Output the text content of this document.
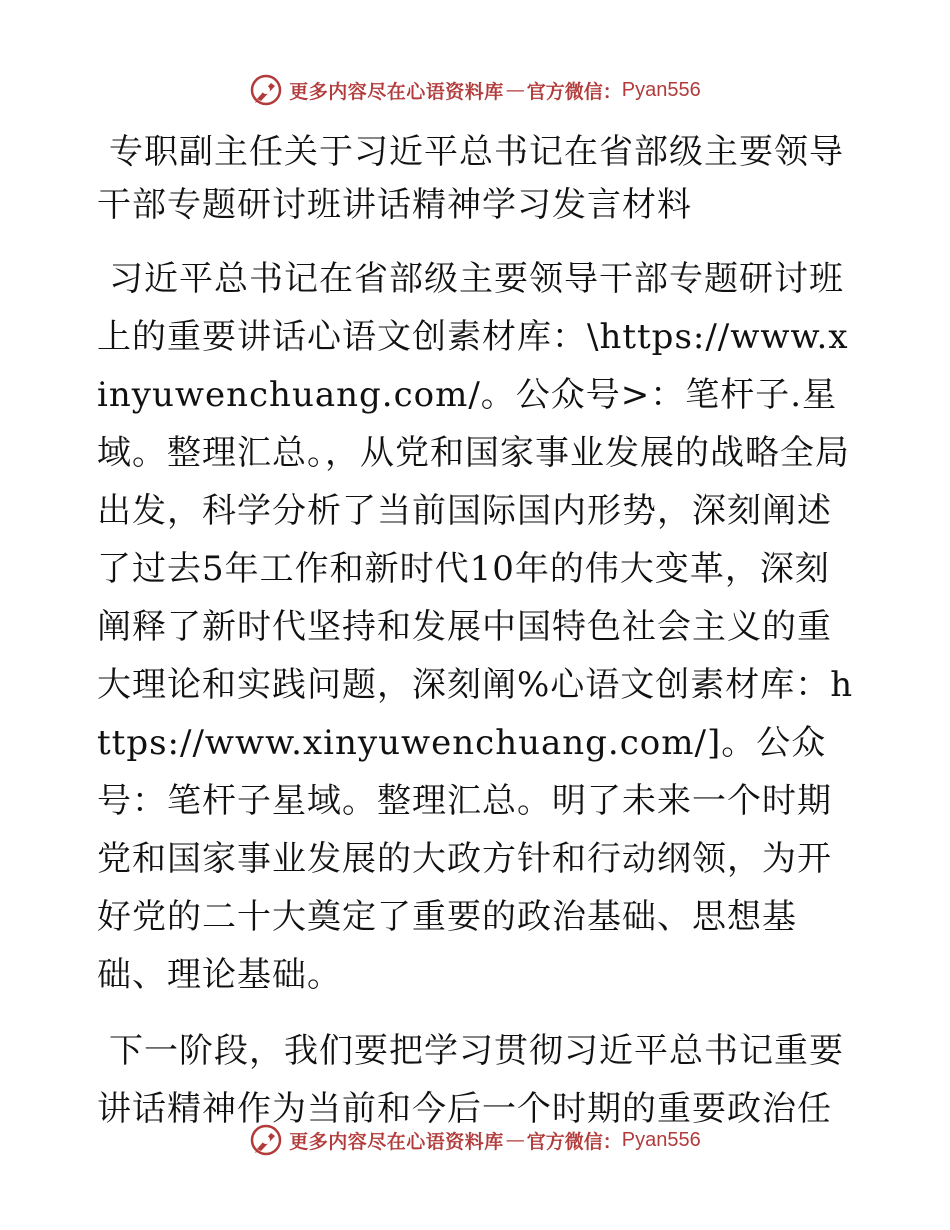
更多内容尽在心语资料库 — 官方微信： Pyan556
专职副主任关于习近平总书记在省部级主要领导干部专题研讨班讲话精神学习发言材料
习近平总书记在省部级主要领导干部专题研讨班上的重要讲话心语文创素材库：\https://www.xinyuwenchuang.com/。公众号>：笔杆子.星域。整理汇总。，从党和国家事业发展的战略全局出发，科学分析了当前国际国内形势，深刻阐述了过去5年工作和新时代10年的伟大变革，深刻阐释了新时代坚持和发展中国特色社会主义的重大理论和实践问题，深刻阐%心语文创素材库：https://www.xinyuwenchuang.com/]。公众号：笔杆子星域。整理汇总。明了未来一个时期党和国家事业发展的大政方针和行动纲领，为开好党的二十大奠定了重要的政治基础、思想基础、理论基础。
下一阶段，我们要把学习贯彻习近平总书记重要讲话精神作为当前和今后一个时期的重要政治任
更多内容尽在心语资料库 — 官方微信： Pyan556
